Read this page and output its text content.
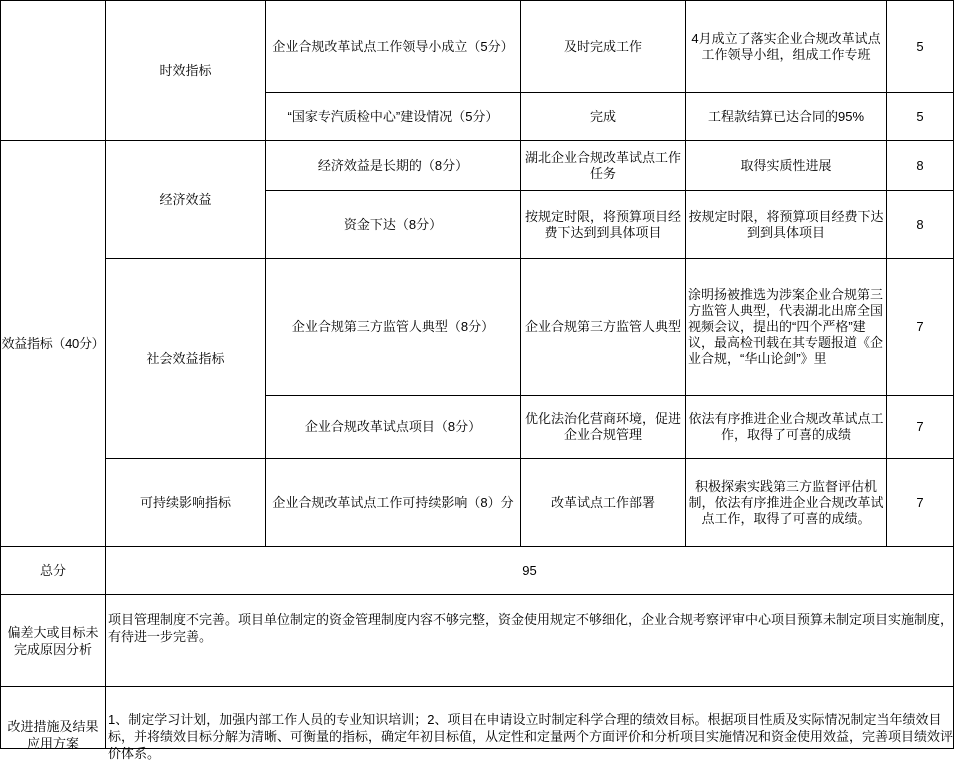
	时效指标	企业合规改革试点工作领导小成立（5分）	及时完成工作	4月成立了落实企业合规改革试点工作领导小组，组成工作专班	5
		“国家专汽质检中心”建设情况（5分）	完成	工程款结算已达合同的95%	5
效益指标（40分）	经济效益	经济效益是长期的（8分）	湖北企业合规改革试点工作任务	取得实质性进展	8
		资金下达（8分）	按规定时限，将预算项目经费下达到到具体项目	按规定时限，将预算项目经费下达到到具体项目	8
	社会效益指标	企业合规第三方监管人典型（8分）	企业合规第三方监管人典型	涂明扬被推选为涉案企业合规第三方监管人典型，代表湖北出席全国视频会议，提出的“四个严格”建议，最高检刊载在其专题报道《企业合规，“华山论剑”》里	7
		企业合规改革试点项目（8分）	优化法治化营商环境，促进企业合规管理	依法有序推进企业合规改革试点工作，取得了可喜的成绩	7
	可持续影响指标	企业合规改革试点工作可持续影响（8）分	改革试点工作部署	积极探索实践第三方监督评估机制，依法有序推进企业合规改革试点工作，取得了可喜的成绩。	7
总分	95				
偏差大或目标未完成原因分析	项目管理制度不完善。项目单位制定的资金管理制度内容不够完整，资金使用规定不够细化，企业合规考察评审中心项目预算未制定项目实施制度，有待进一步完善。				

改进措施及结果应用方案	1、制定学习计划，加强内部工作人员的专业知识培训；2、项目在申请设立时制定科学合理的绩效目标。根据项目性质及实际情况制定当年绩效目标，并将绩效目标分解为清晰、可衡量的指标，确定年初目标值，从定性和定量两个方面评价和分析项目实施情况和资金使用效益，完善项目绩效评价体系。				
